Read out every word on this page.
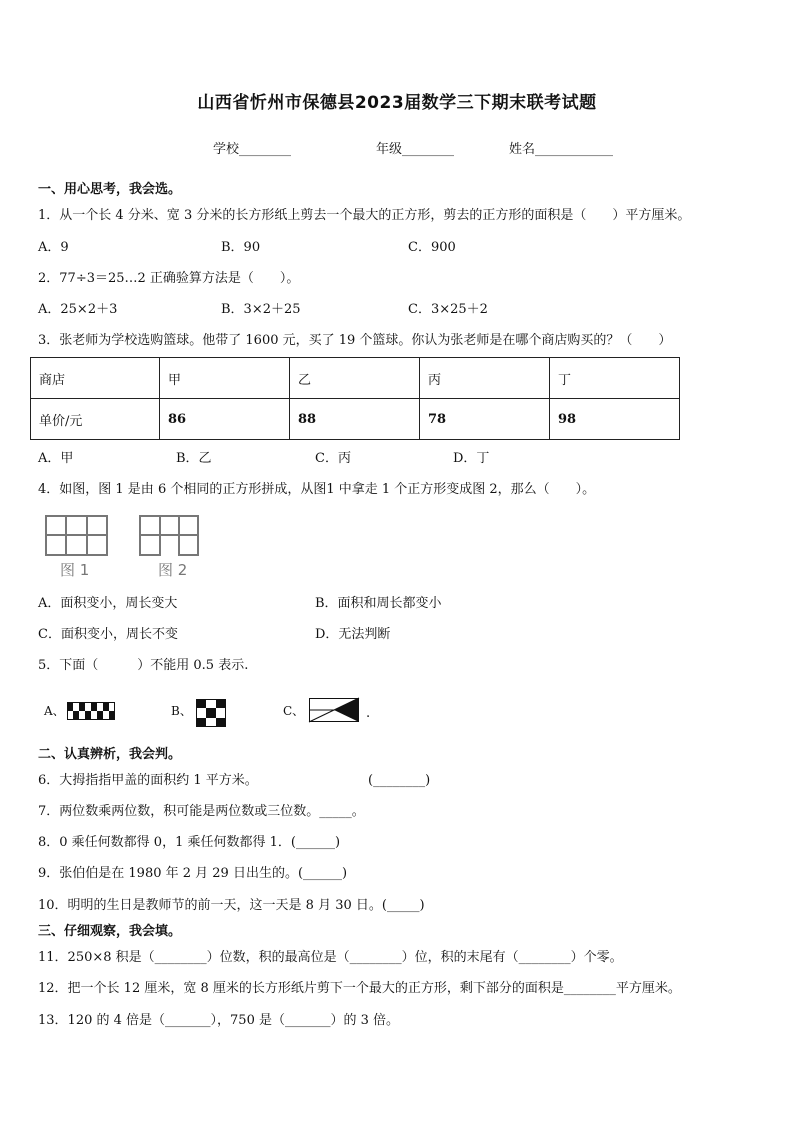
山西省忻州市保德县2023届数学三下期末联考试题
学校________	年级________	姓名____________
一、用心思考，我会选。
1．从一个长 4 分米、宽 3 分米的长方形纸上剪去一个最大的正方形，剪去的正方形的面积是（　　）平方厘米。
A．9	B．90	C．900
2．77÷3＝25…2 正确验算方法是（　　）。
A．25×2＋3	B．3×2＋25	C．3×25＋2
3．张老师为学校选购篮球。他带了 1600 元，买了 19 个篮球。你认为张老师是在哪个商店购买的？（　　）
商店	甲	乙	丙	丁
单价/元	86	88	78	98
A．甲	B．乙	C．丙	D．丁
4．如图，图 1 是由 6 个相同的正方形拼成，从图1 中拿走 1 个正方形变成图 2，那么（　　）。
图 1	图 2
A．面积变小，周长变大	B．面积和周长都变小
C．面积变小，周长不变	D．无法判断
5．下面（　　　）不能用 0.5 表示.
A、	B、	C、	.
二、认真辨析，我会判。
6．大拇指指甲盖的面积约 1 平方米。	(________)
7．两位数乘两位数，积可能是两位数或三位数。_____。
8．0 乘任何数都得 0，1 乘任何数都得 1．(______)
9．张伯伯是在 1980 年 2 月 29 日出生的。(______)
10．明明的生日是教师节的前一天，这一天是 8 月 30 日。(_____)
三、仔细观察，我会填。
11．250×8 积是（________）位数，积的最高位是（________）位，积的末尾有（________）个零。
12．把一个长 12 厘米，宽 8 厘米的长方形纸片剪下一个最大的正方形，剩下部分的面积是________平方厘米。
13．120 的 4 倍是（_______），750 是（_______）的 3 倍。
